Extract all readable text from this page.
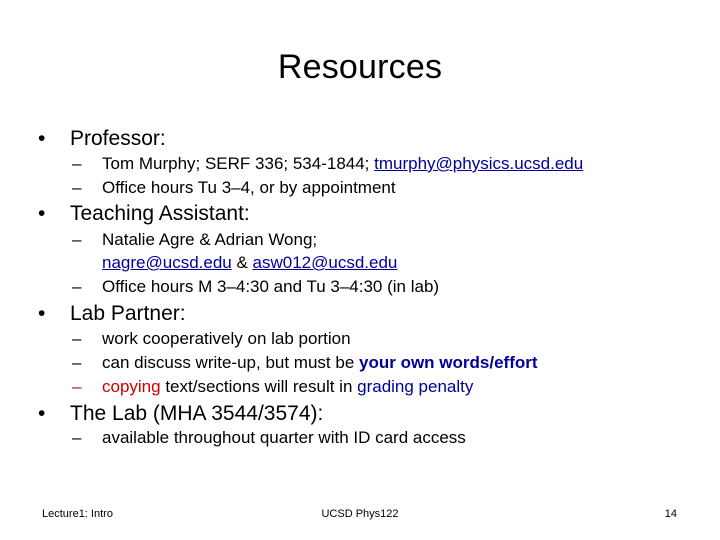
Resources
• Professor:
– Tom Murphy; SERF 336; 534-1844; tmurphy@physics.ucsd.edu
– Office hours Tu 3–4, or by appointment
• Teaching Assistant:
– Natalie Agre & Adrian Wong;
nagre@ucsd.edu & asw012@ucsd.edu
– Office hours M 3–4:30 and Tu 3–4:30 (in lab)
• Lab Partner:
– work cooperatively on lab portion
– can discuss write-up, but must be your own words/effort
– copying text/sections will result in grading penalty
• The Lab (MHA 3544/3574):
– available throughout quarter with ID card access
Lecture1: Intro	UCSD Phys122	14
